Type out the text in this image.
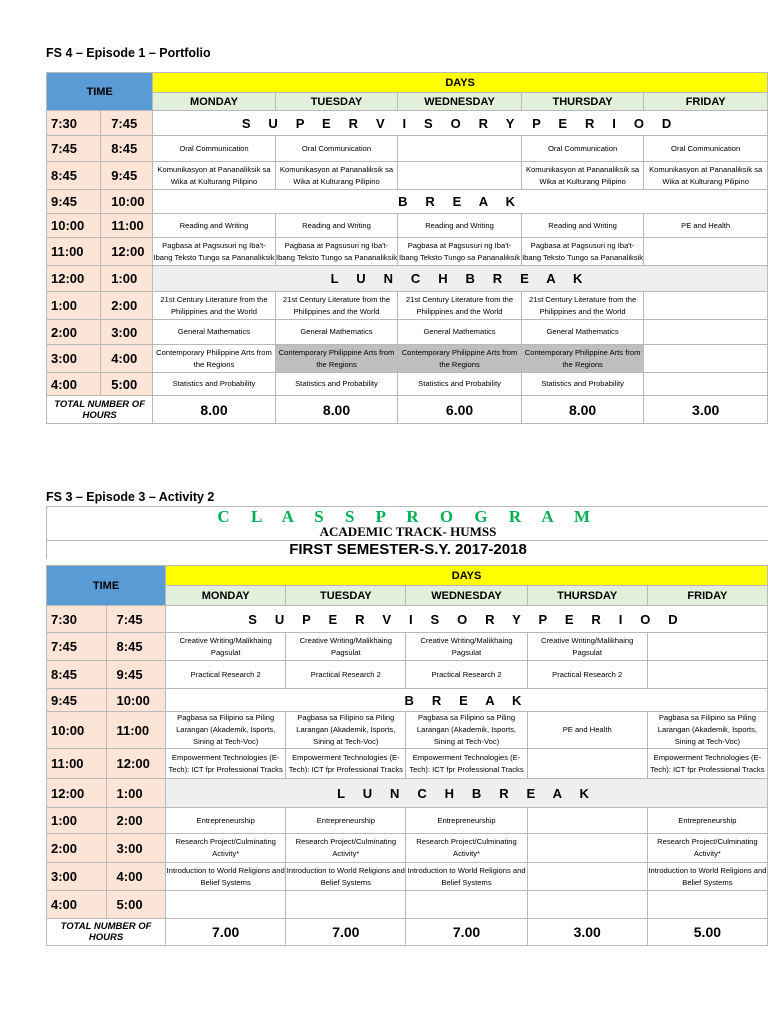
FS 4 – Episode 1 – Portfolio
TIME		DAYS				
		MONDAY	TUESDAY	WEDNESDAY	THURSDAY	FRIDAY
7:30	7:45	S U P E R V I S O R Y P E R I O D				
7:45	8:45	Oral Communication	Oral Communication		Oral Communication	Oral Communication
8:45	9:45	Komunikasyon at Pananaliksik sa Wika at Kulturang Pilipino	Komunikasyon at Pananaliksik sa Wika at Kulturang Pilipino		Komunikasyon at Pananaliksik sa Wika at Kulturang Pilipino	Komunikasyon at Pananaliksik sa Wika at Kulturang Pilipino
9:45	10:00	B R E A K				
10:00	11:00	Reading and Writing	Reading and Writing	Reading and Writing	Reading and Writing	PE and Health
11:00	12:00	Pagbasa at Pagsusuri ng Iba't-Ibang Teksto Tungo sa Pananaliksik	Pagbasa at Pagsusuri ng Iba't-Ibang Teksto Tungo sa Pananaliksik	Pagbasa at Pagsusuri ng Iba't-Ibang Teksto Tungo sa Pananaliksik	Pagbasa at Pagsusuri ng Iba't-Ibang Teksto Tungo sa Pananaliksik	
12:00	1:00	L U N C H B R E A K				
1:00	2:00	21st Century Literature from the Philippines and the World	21st Century Literature from the Philippines and the World	21st Century Literature from the Philippines and the World	21st Century Literature from the Philippines and the World	
2:00	3:00	General Mathematics	General Mathematics	General Mathematics	General Mathematics	
3:00	4:00	Contemporary Philippine Arts from the Regions	Contemporary Philippine Arts from the Regions	Contemporary Philippine Arts from the Regions	Contemporary Philippine Arts from the Regions	
4:00	5:00	Statistics and Probability	Statistics and Probability	Statistics and Probability	Statistics and Probability	
TOTAL NUMBER OF HOURS		8.00	8.00	6.00	8.00	3.00
FS 3 – Episode 3 – Activity 2
C L A S S P R O G R A M
ACADEMIC TRACK- HUMSS
FIRST SEMESTER-S.Y. 2017-2018
TIME		DAYS				
		MONDAY	TUESDAY	WEDNESDAY	THURSDAY	FRIDAY
7:30	7:45	S U P E R V I S O R Y P E R I O D				
7:45	8:45	Creative Writing/Malikhaing Pagsulat	Creative Writing/Malikhaing Pagsulat	Creative Writing/Malikhaing Pagsulat	Creative Writing/Malikhaing Pagsulat	
8:45	9:45	Practical Research 2	Practical Research 2	Practical Research 2	Practical Research 2	
9:45	10:00	B R E A K				
10:00	11:00	Pagbasa sa Filipino sa Piling Larangan (Akademik, Isports, Sining at Tech-Voc)	Pagbasa sa Filipino sa Piling Larangan (Akademik, Isports, Sining at Tech-Voc)	Pagbasa sa Filipino sa Piling Larangan (Akademik, Isports, Sining at Tech-Voc)	PE and Health	Pagbasa sa Filipino sa Piling Larangan (Akademik, Isports, Sining at Tech-Voc)
11:00	12:00	Empowerment Technologies (E-Tech): ICT fpr Professional Tracks	Empowerment Technologies (E-Tech): ICT fpr Professional Tracks	Empowerment Technologies (E-Tech): ICT fpr Professional Tracks		Empowerment Technologies (E-Tech): ICT fpr Professional Tracks
12:00	1:00	L U N C H B R E A K				
1:00	2:00	Entrepreneurship	Entrepreneurship	Entrepreneurship		Entrepreneurship
2:00	3:00	Research Project/Culminating Activity*	Research Project/Culminating Activity*	Research Project/Culminating Activity*		Research Project/Culminating Activity*
3:00	4:00	Introduction to World Religions and Belief Systems	Introduction to World Religions and Belief Systems	Introduction to World Religions and Belief Systems		Introduction to World Religions and Belief Systems
4:00	5:00					
TOTAL NUMBER OF HOURS		7.00	7.00	7.00	3.00	5.00
